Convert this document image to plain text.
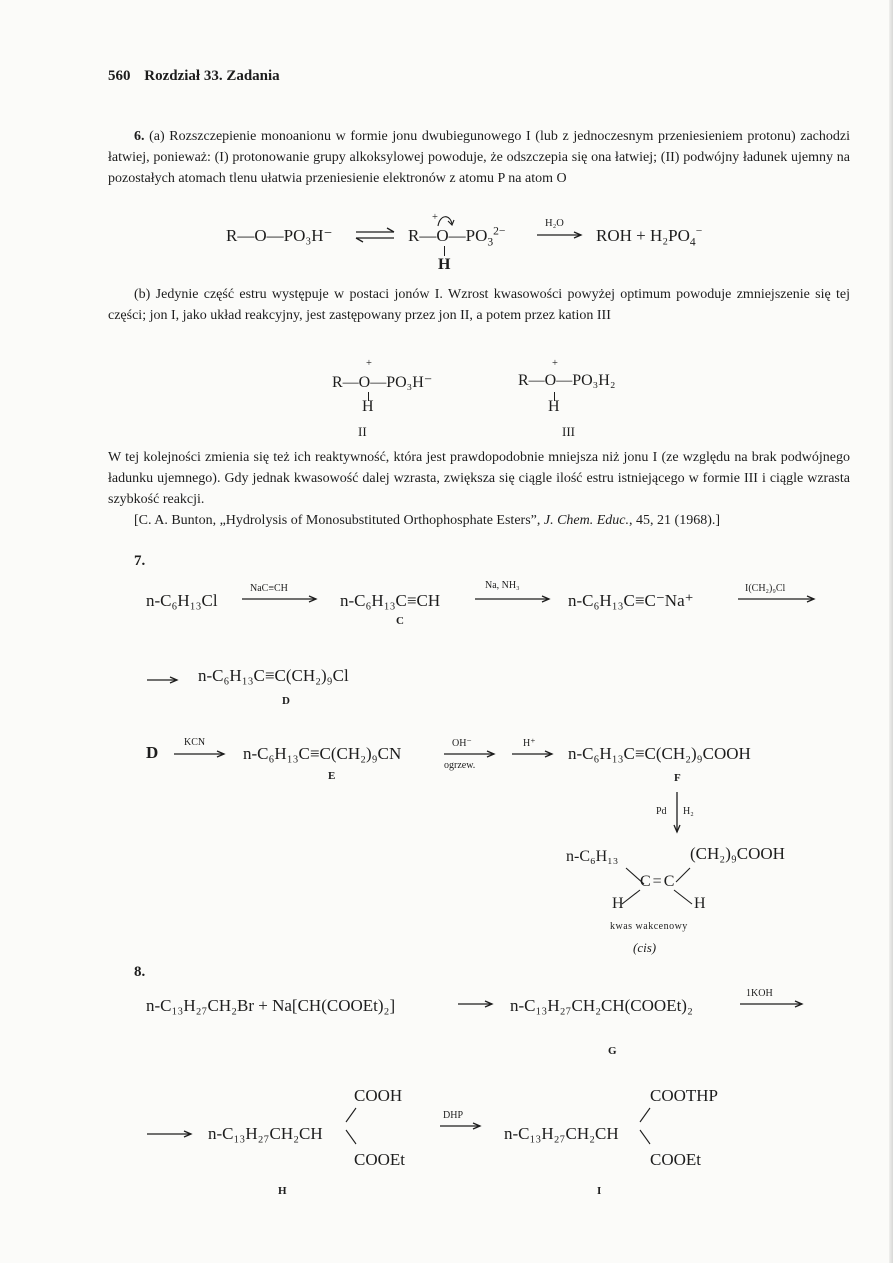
560 Rozdział 33. Zadania
6. (a) Rozszczepienie monoanionu w formie jonu dwubiegunowego I (lub z jednoczesnym przeniesieniem protonu) zachodzi łatwiej, ponieważ: (I) protonowanie grupy alkoksylowej powoduje, że odszczepia się ona łatwiej; (II) podwójny ładunek ujemny na pozostałych atomach tlenu ułatwia przeniesienie elektronów z atomu P na atom O
R—O—PO₃H⁻ ⇌ $R—O—PO_3^{2-}$
+
H
H₂O
→ ROH + $H_2PO_4^-$
(b) Jedynie część estru występuje w postaci jonów I. Wzrost kwasowości powyżej optimum powoduje zmniejszenie się tej części; jon I, jako układ reakcyjny, jest zastępowany przez jon II, a potem przez kation III
R—O—PO₃H⁻
+
H
II
R—O—PO₃H₂
+
H
III
W tej kolejności zmienia się też ich reaktywność, która jest prawdopodobnie mniejsza niż jonu I (ze względu na brak podwójnego ładunku ujemnego). Gdy jednak kwasowość dalej wzrasta, zwiększa się ciągle ilość estru istniejącego w formie III i ciągle wzrasta szybkość reakcji.
[C. A. Bunton, „Hydrolysis of Monosubstituted Orthophosphate Esters”, J. Chem. Educ., 45, 21 (1968).]
7.
n-C₆H₁₃Cl
NaC≡CH
n-C₆H₁₃C≡CH
C
Na, NH₃
n-C₆H₁₃C≡C⁻Na⁺
I(CH₂)₉Cl
→ n-C₆H₁₃C≡C(CH₂)₉Cl
D
D
KCN
→ n-C₆H₁₃C≡C(CH₂)₉CN
E
OH⁻
ogrzew.
H⁺
→ n-C₆H₁₃C≡C(CH₂)₉COOH
F
Pd H₂
n-C₆H₁₃	(CH₂)₉COOH
C=C
H	H
kwas wakcenowy
(cis)
8.
n-C₁₃H₂₇CH₂Br + Na[CH(COOEt)₂]	→ n-C₁₃H₂₇CH₂CH(COOEt)₂
1KOH
G
→ n-C₁₃H₂₇CH₂CH
COOH
COOEt
H
DHP
→ n-C₁₃H₂₇CH₂CH
COOTHP
COOEt
I
